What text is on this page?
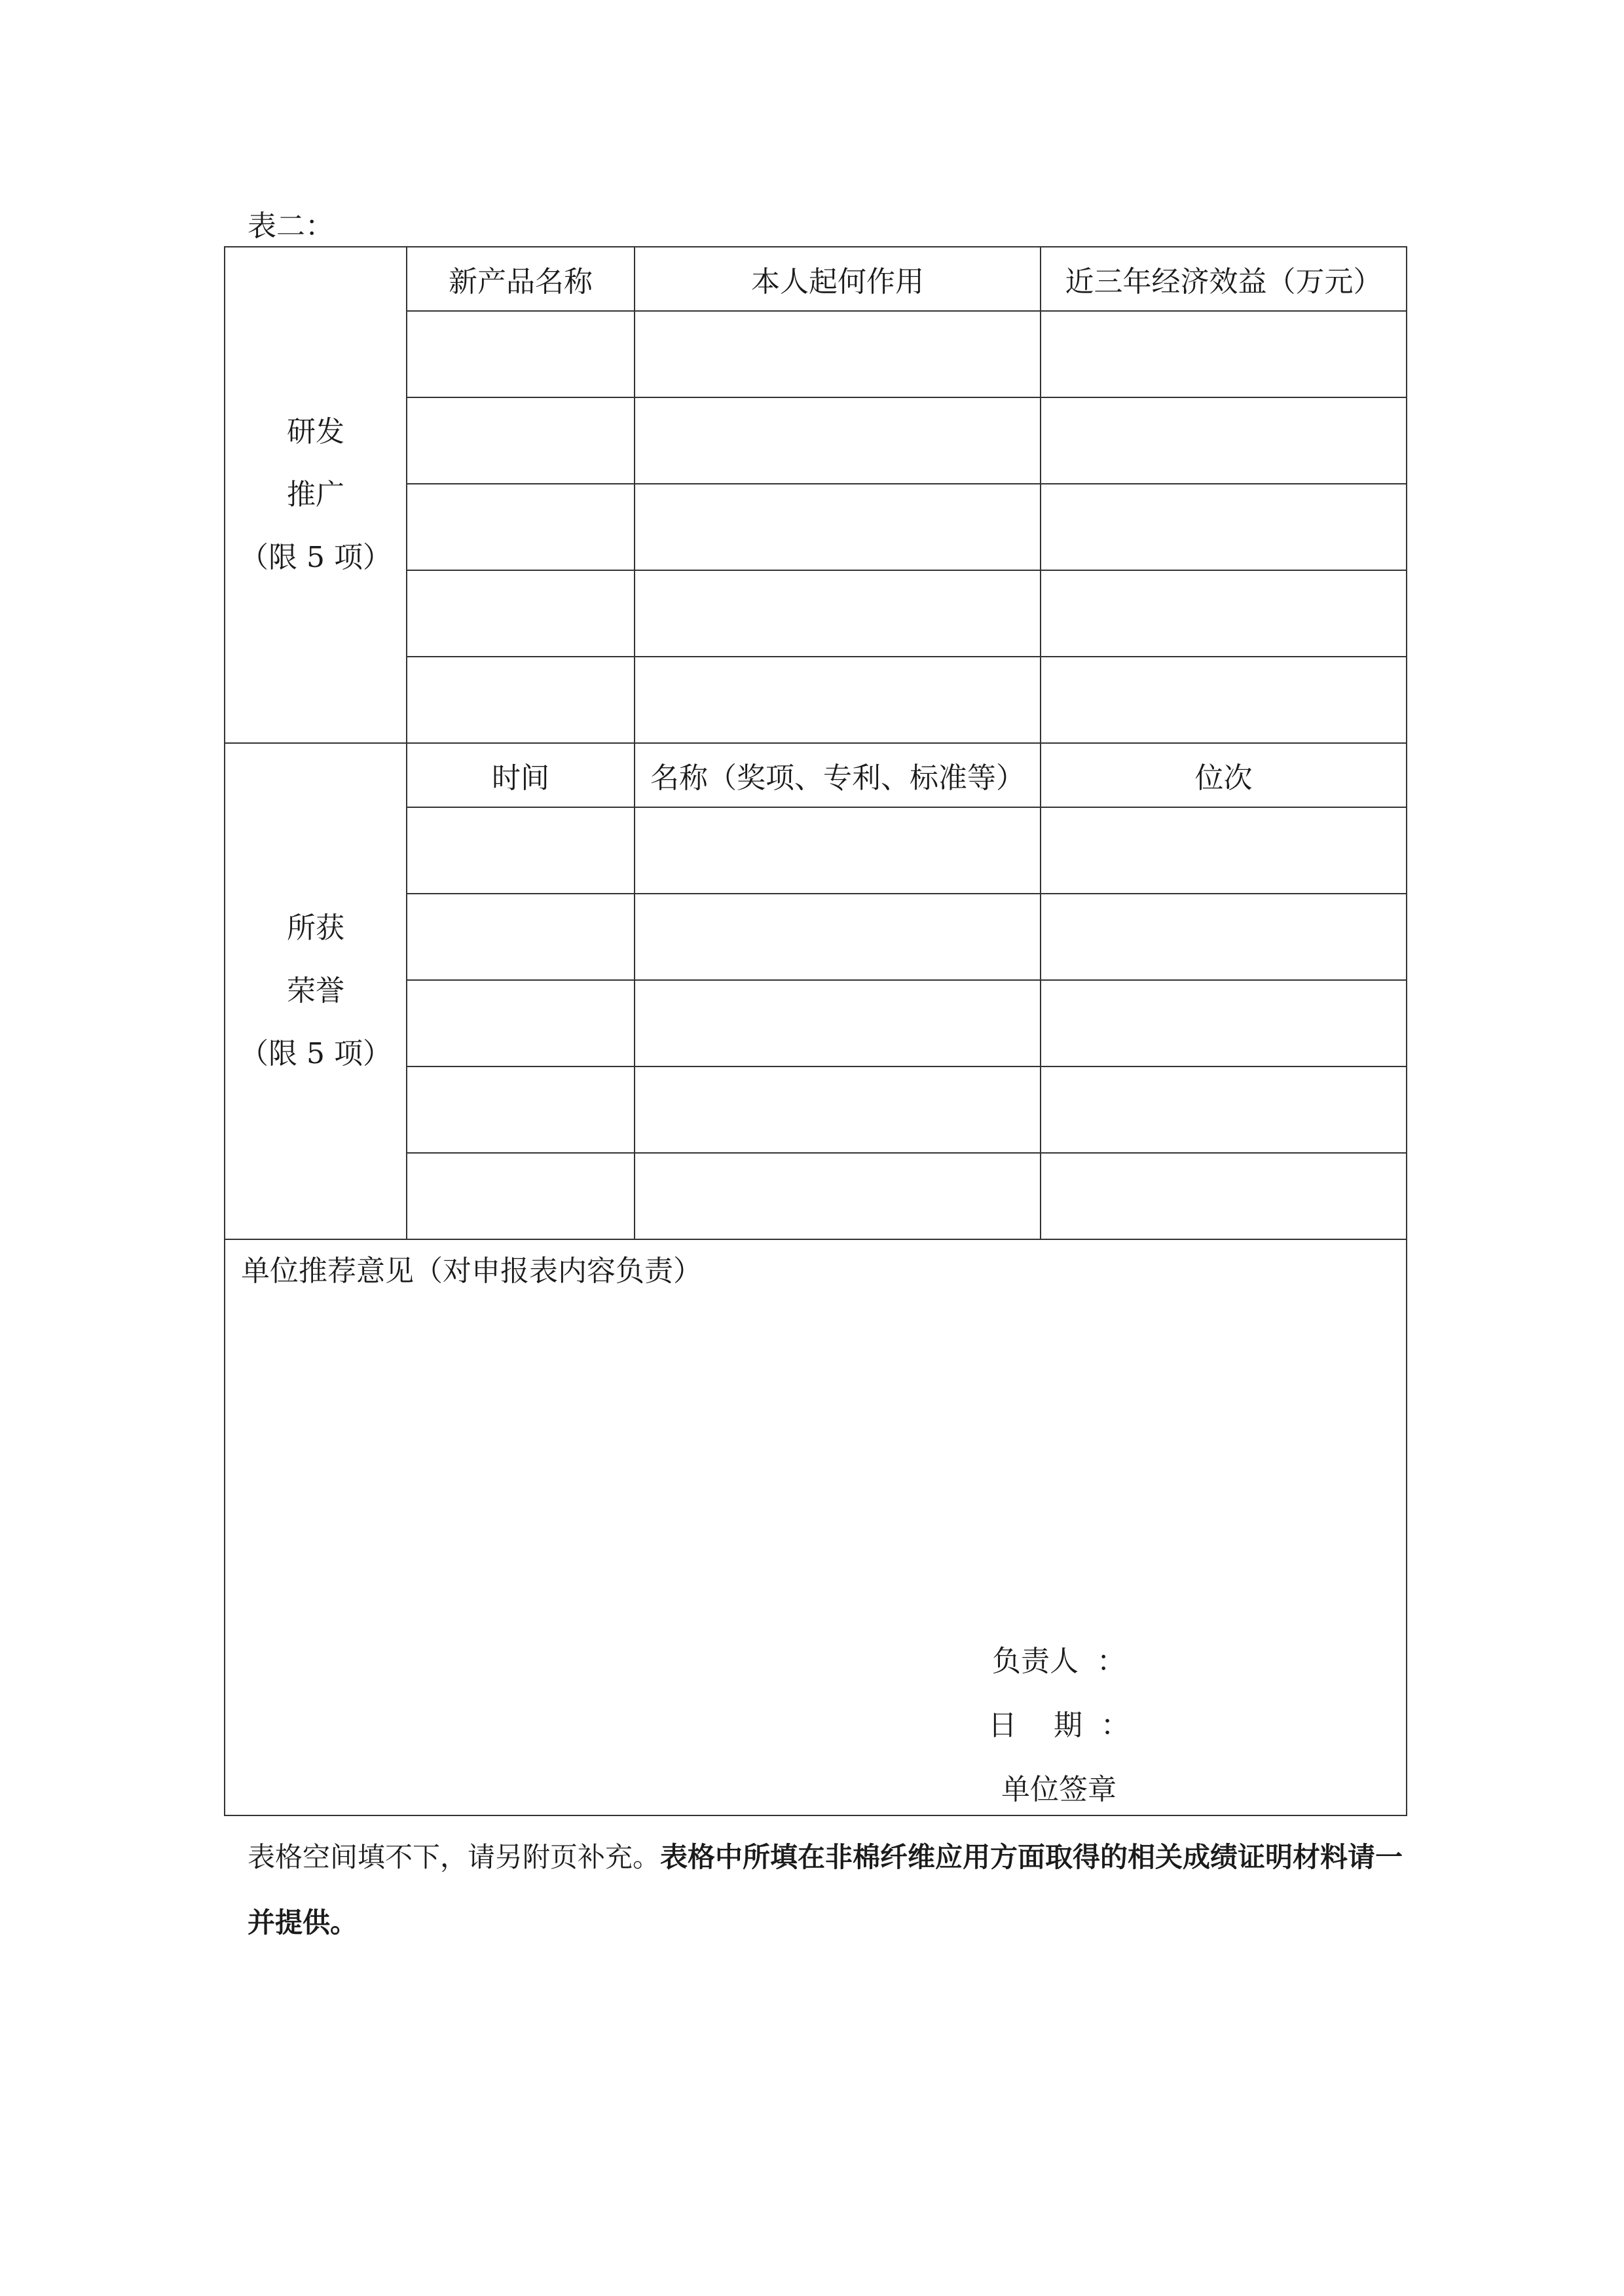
表二：
研发
推广
（限 5 项）	新产品名称	本人起何作用	近三年经济效益（万元）

所获
荣誉
（限 5 项）	时间	名称（奖项、专利、标准等）	位次

单位推荐意见（对申报表内容负责）
负责人  ：
日    期  ：
单位签章			
表格空间填不下，请另附页补充。表格中所填在非棉纤维应用方面取得的相关成绩证明材料请一并提供。
